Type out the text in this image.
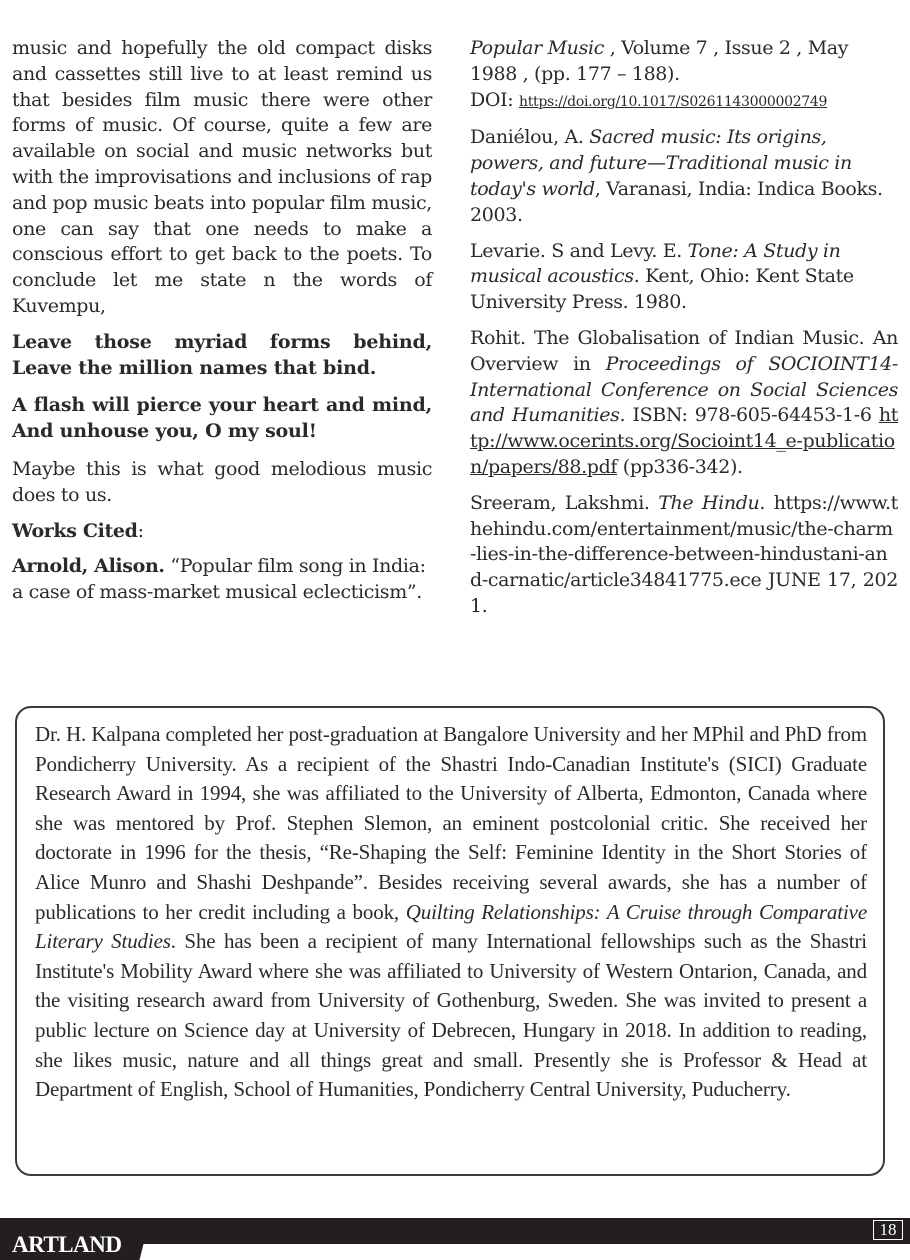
music and hopefully the old compact disks and cassettes still live to at least remind us that besides film music there were other forms of music. Of course, quite a few are available on social and music networks but with the improvisations and inclusions of rap and pop music beats into popular film music, one can say that one needs to make a conscious effort to get back to the poets. To conclude let me state n the words of Kuvempu,

Leave those myriad forms behind, Leave the million names that bind.

A flash will pierce your heart and mind, And unhouse you, O my soul!

Maybe this is what good melodious music does to us.

Works Cited:

Arnold, Alison. “Popular film song in India: a case of mass-market musical eclecticism”.

Popular Music , Volume 7 , Issue 2 , May 1988 , (pp. 177 – 188).
DOI: https://doi.org/10.1017/S0261143000002749

Daniélou, A. Sacred music: Its origins, powers, and future—Traditional music in today's world, Varanasi, India: Indica Books. 2003.

Levarie. S and Levy. E. Tone: A Study in musical acoustics. Kent, Ohio: Kent State University Press. 1980.

Rohit. The Globalisation of Indian Music. An Overview in Proceedings of SOCIOINT14-International Conference on Social Sciences and Humanities. ISBN: 978-605-64453-1-6 http://www.ocerints.org/Socioint14_e-publication/papers/88.pdf (pp336-342).

Sreeram, Lakshmi. The Hindu. https://www.thehindu.com/entertainment/music/the-charm-lies-in-the-difference-between-hindustani-and-carnatic/article34841775.ece JUNE 17, 2021.

Dr. H. Kalpana completed her post-graduation at Bangalore University and her MPhil and PhD from Pondicherry University. As a recipient of the Shastri Indo-Canadian Institute's (SICI) Graduate Research Award in 1994, she was affiliated to the University of Alberta, Edmonton, Canada where she was mentored by Prof. Stephen Slemon, an eminent postcolonial critic. She received her doctorate in 1996 for the thesis, “Re-Shaping the Self: Feminine Identity in the Short Stories of Alice Munro and Shashi Deshpande”. Besides receiving several awards, she has a number of publications to her credit including a book, Quilting Relationships: A Cruise through Comparative Literary Studies. She has been a recipient of many International fellowships such as the Shastri Institute's Mobility Award where she was affiliated to University of Western Ontarion, Canada, and the visiting research award from University of Gothenburg, Sweden. She was invited to present a public lecture on Science day at University of Debrecen, Hungary in 2018. In addition to reading, she likes music, nature and all things great and small. Presently she is Professor & Head at Department of English, School of Humanities, Pondicherry Central University, Puducherry.

ARTLAND
18
